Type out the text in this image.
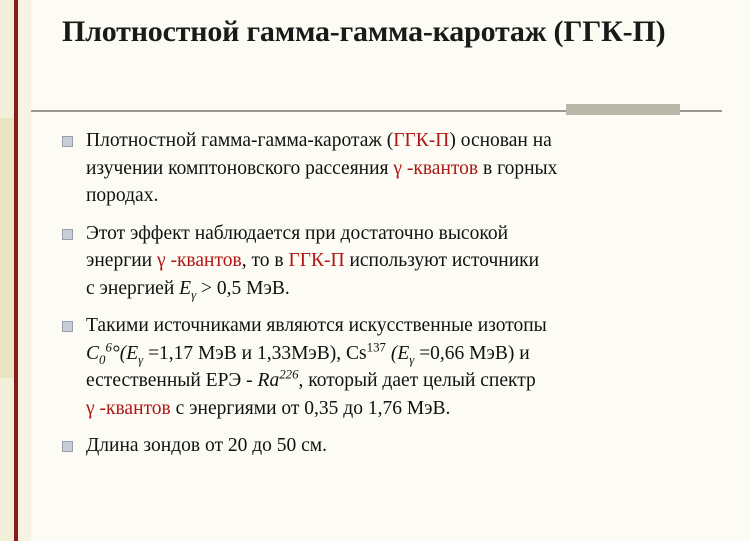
Плотностной гамма-гамма-каротаж (ГГК-П)
Плотностной гамма-гамма-каротаж (ГГК-П) основан на
изучении комптоновского рассеяния γ -квантов в горных
породах.
Этот эффект наблюдается при достаточно высокой
энергии γ -квантов, то в ГГК-П используют источники
с энергией $E_\gamma > 0,5$ МэВ.
Такими источниками являются искусственные изотопы
$C_0^6^\circ(E_\gamma =1,17$ МэВ и 1,33МэВ), Cs$^{137}$ ($E_\gamma =0,66$ МэВ) и
естественный ЕРЭ - Ra$^{226}$, который дает целый спектр
γ -квантов с энергиями от 0,35 до 1,76 МэВ.
Длина зондов от 20 до 50 см.
